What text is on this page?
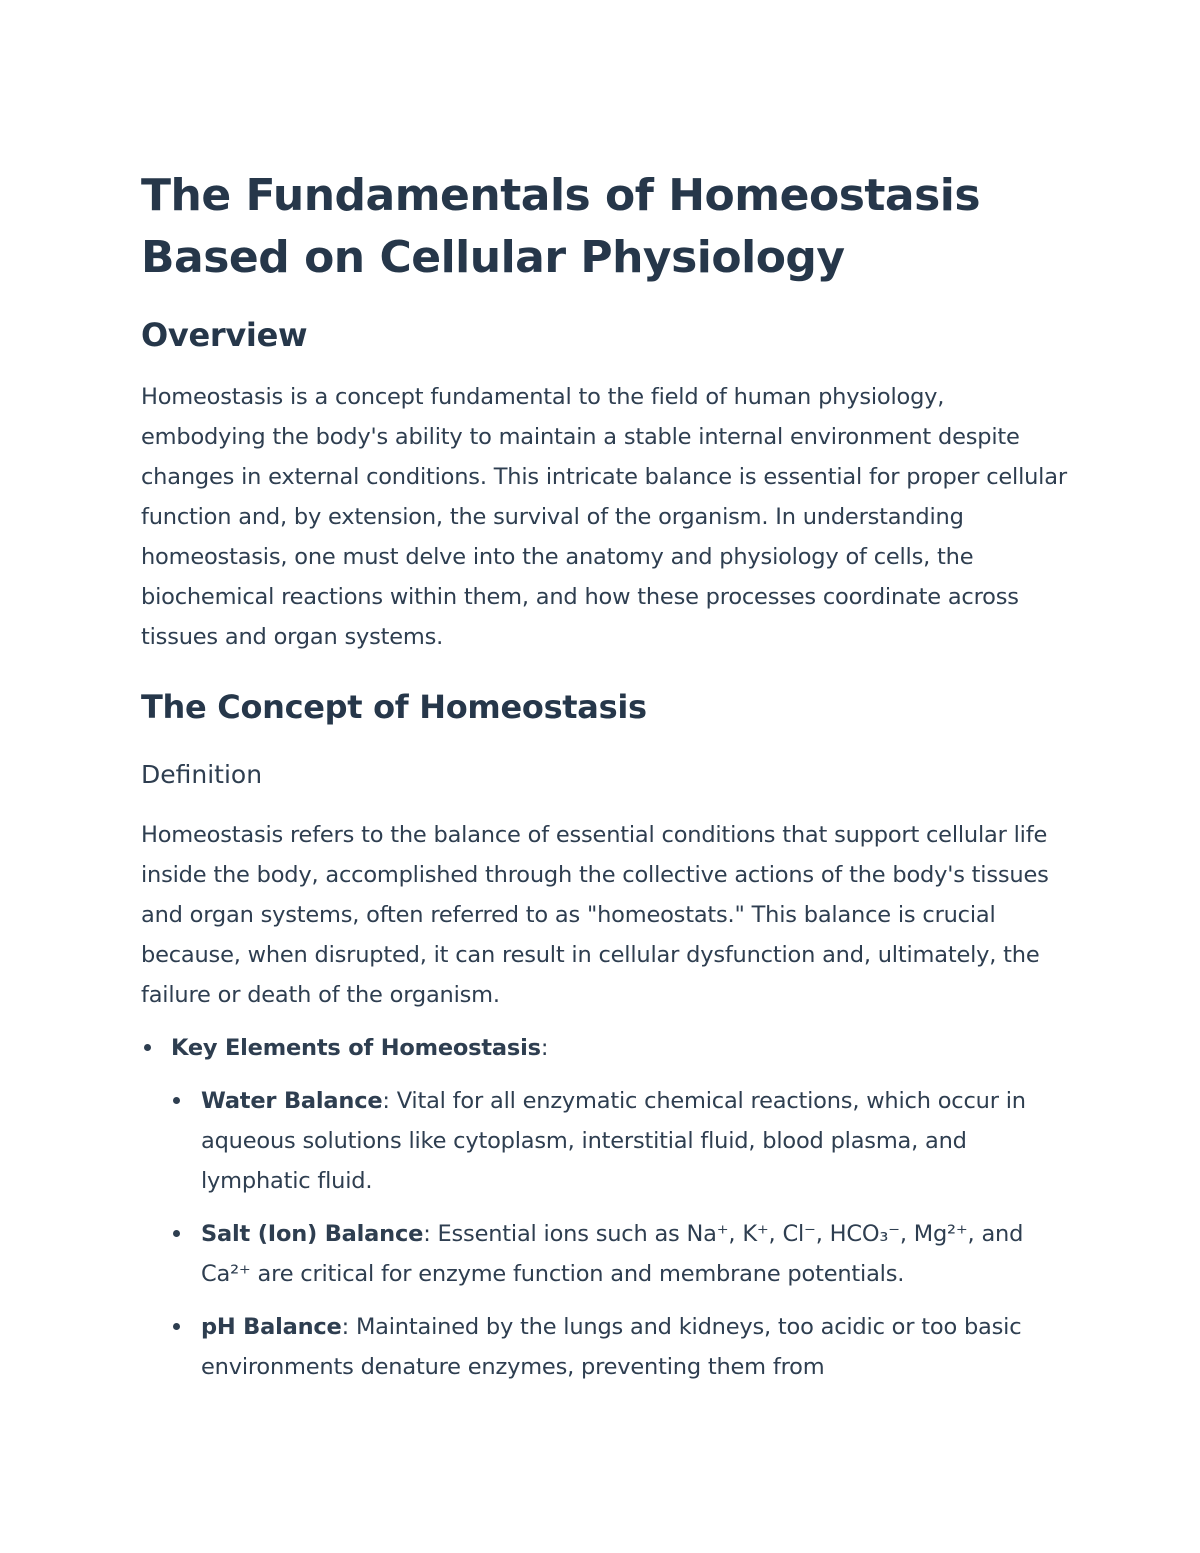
The Fundamentals of Homeostasis
Based on Cellular Physiology
Overview

Homeostasis is a concept fundamental to the field of human physiology, embodying the body's ability to maintain a stable internal environment despite changes in external conditions. This intricate balance is essential for proper cellular function and, by extension, the survival of the organism. In understanding homeostasis, one must delve into the anatomy and physiology of cells, the biochemical reactions within them, and how these processes coordinate across tissues and organ systems.

The Concept of Homeostasis
Definition

Homeostasis refers to the balance of essential conditions that support cellular life inside the body, accomplished through the collective actions of the body's tissues and organ systems, often referred to as "homeostats." This balance is crucial because, when disrupted, it can result in cellular dysfunction and, ultimately, the failure or death of the organism.

Key Elements of Homeostasis:
Water Balance: Vital for all enzymatic chemical reactions, which occur in aqueous solutions like cytoplasm, interstitial fluid, blood plasma, and lymphatic fluid.
Salt (Ion) Balance: Essential ions such as Na⁺, K⁺, Cl⁻, HCO₃⁻, Mg²⁺, and Ca²⁺ are critical for enzyme function and membrane potentials.
pH Balance: Maintained by the lungs and kidneys, too acidic or too basic environments denature enzymes, preventing them from
